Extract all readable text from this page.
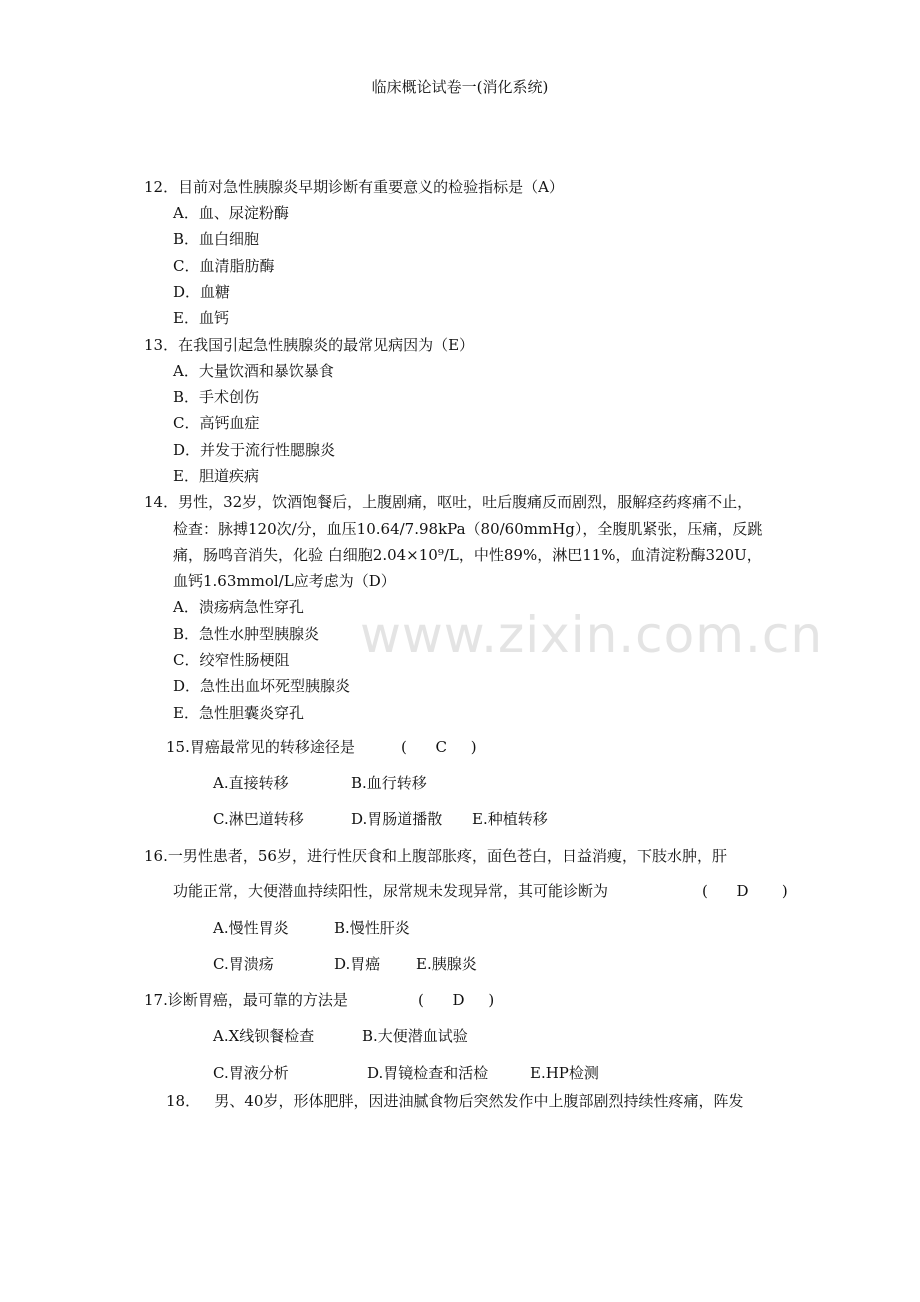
临床概论试卷一(消化系统)
www.zixin.com.cn
12．目前对急性胰腺炎早期诊断有重要意义的检验指标是（A）
A．血、尿淀粉酶
B．血白细胞
C．血清脂肪酶
D．血糖
E．血钙
13．在我国引起急性胰腺炎的最常见病因为（E）
A．大量饮酒和暴饮暴食
B．手术创伤
C．高钙血症
D．并发于流行性腮腺炎
E．胆道疾病
14．男性，32岁，饮酒饱餐后，上腹剧痛，呕吐，吐后腹痛反而剧烈，服解痉药疼痛不止，
检查：脉搏120次/分，血压10.64/7.98kPa（80/60mmHg），全腹肌紧张，压痛，反跳
痛，肠鸣音消失，化验 白细胞2.04×10⁹/L，中性89%，淋巴11%，血清淀粉酶320U，
血钙1.63mmol/L应考虑为（D）
A．溃疡病急性穿孔
B．急性水肿型胰腺炎
C．绞窄性肠梗阻
D．急性出血坏死型胰腺炎
E．急性胆囊炎穿孔
15.胃癌最常见的转移途径是	(      C     )
A.直接转移	B.血行转移
C.淋巴道转移	D.胃肠道播散 E.种植转移
16.一男性患者，56岁，进行性厌食和上腹部胀疼，面色苍白，日益消瘦，下肢水肿，肝
功能正常，大便潜血持续阳性，尿常规未发现异常，其可能诊断为	(      D       )
A.慢性胃炎	B.慢性肝炎
C.胃溃疡	D.胃癌 E.胰腺炎
17.诊断胃癌，最可靠的方法是	(      D     )
A.X线钡餐检查	B.大便潜血试验
C.胃液分析	D.胃镜检查和活检	E.HP检测
18．   男、40岁，形体肥胖，因进油腻食物后突然发作中上腹部剧烈持续性疼痛，阵发
